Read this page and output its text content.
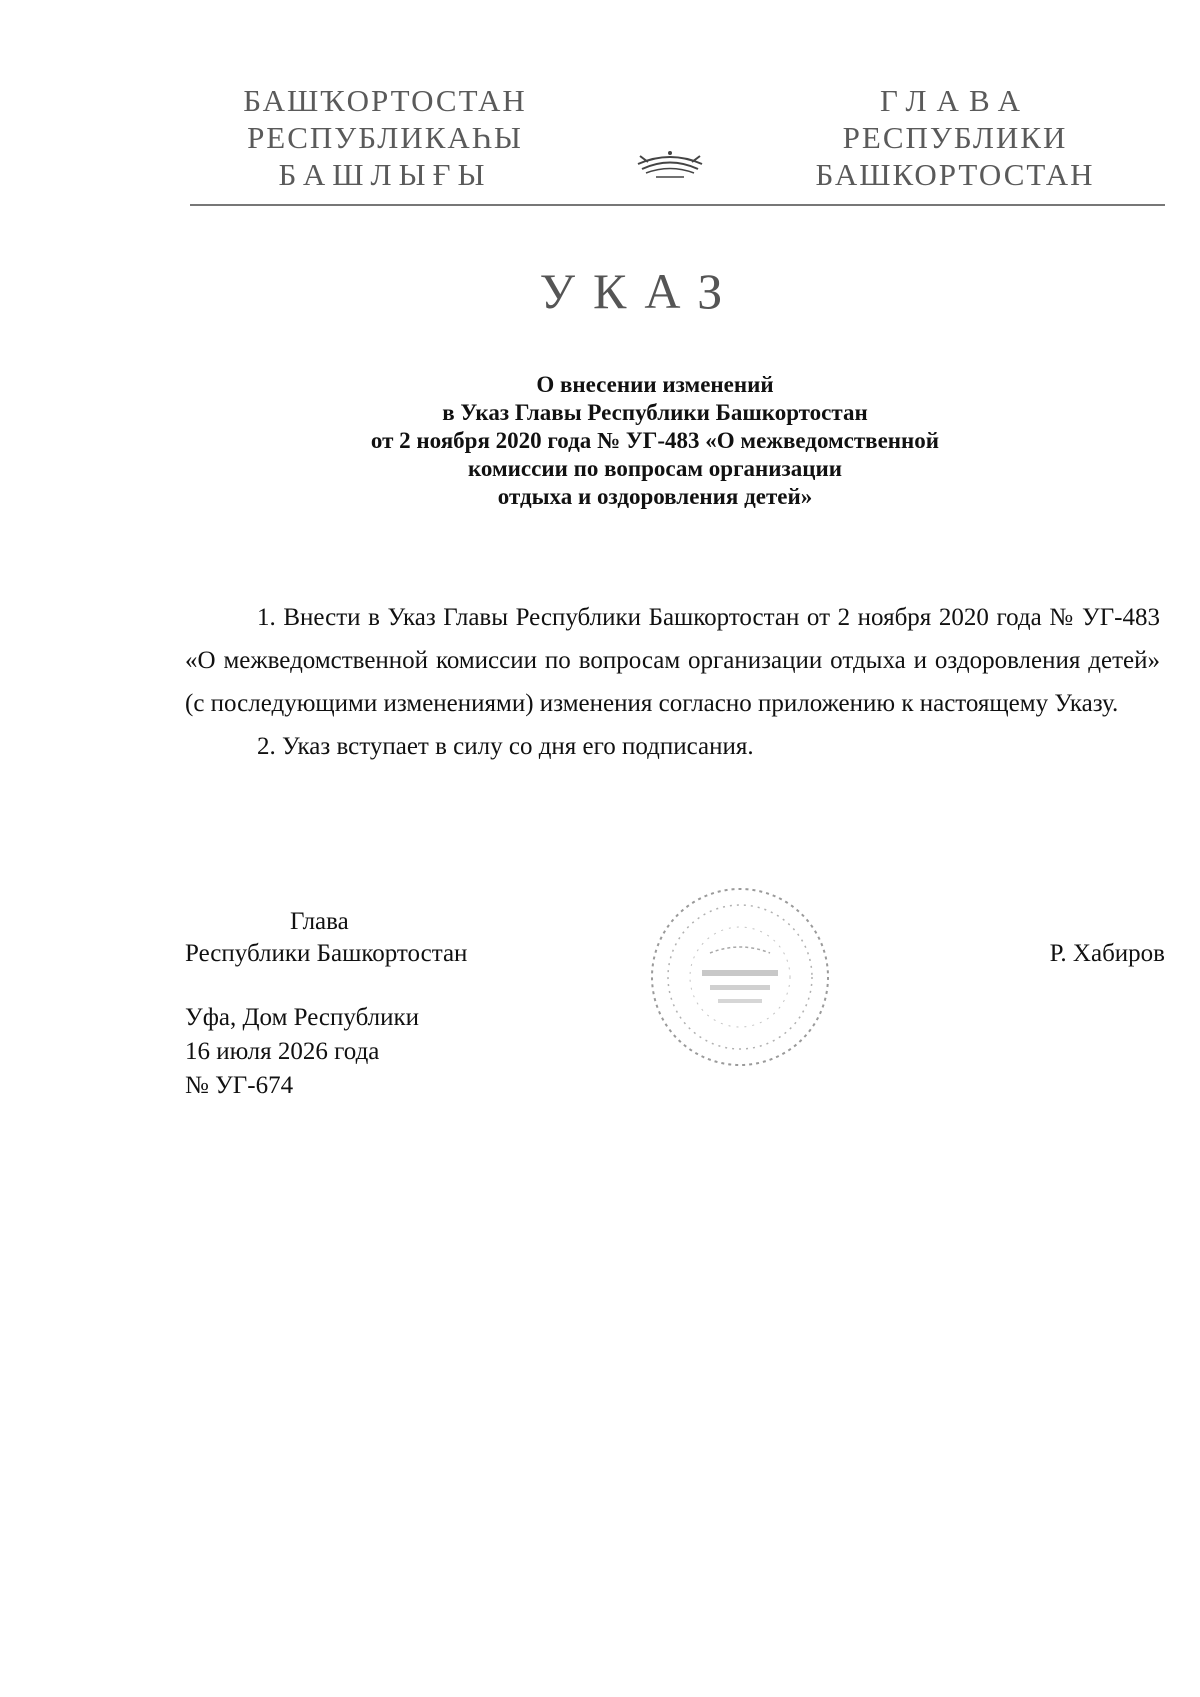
БАШҠОРТОСТАН
РЕСПУБЛИКАҺЫ
БАШЛЫҒЫ
ГЛАВА
РЕСПУБЛИКИ
БАШКОРТОСТАН
УКАЗ
О внесении изменений
в Указ Главы Республики Башкортостан
от 2 ноября 2020 года № УГ-483 «О межведомственной
комиссии по вопросам организации
отдыха и оздоровления детей»

1. Внести в Указ Главы Республики Башкортостан от 2 ноября 2020 года № УГ-483 «О межведомственной комиссии по вопросам организации отдыха и оздоровления детей» (с последующими изменениями) изменения согласно приложению к настоящему Указу.

2. Указ вступает в силу со дня его подписания.

Глава
Республики Башкортостан	Р. Хабиров
Уфа, Дом Республики
16 июля 2026 года
№ УГ-674
